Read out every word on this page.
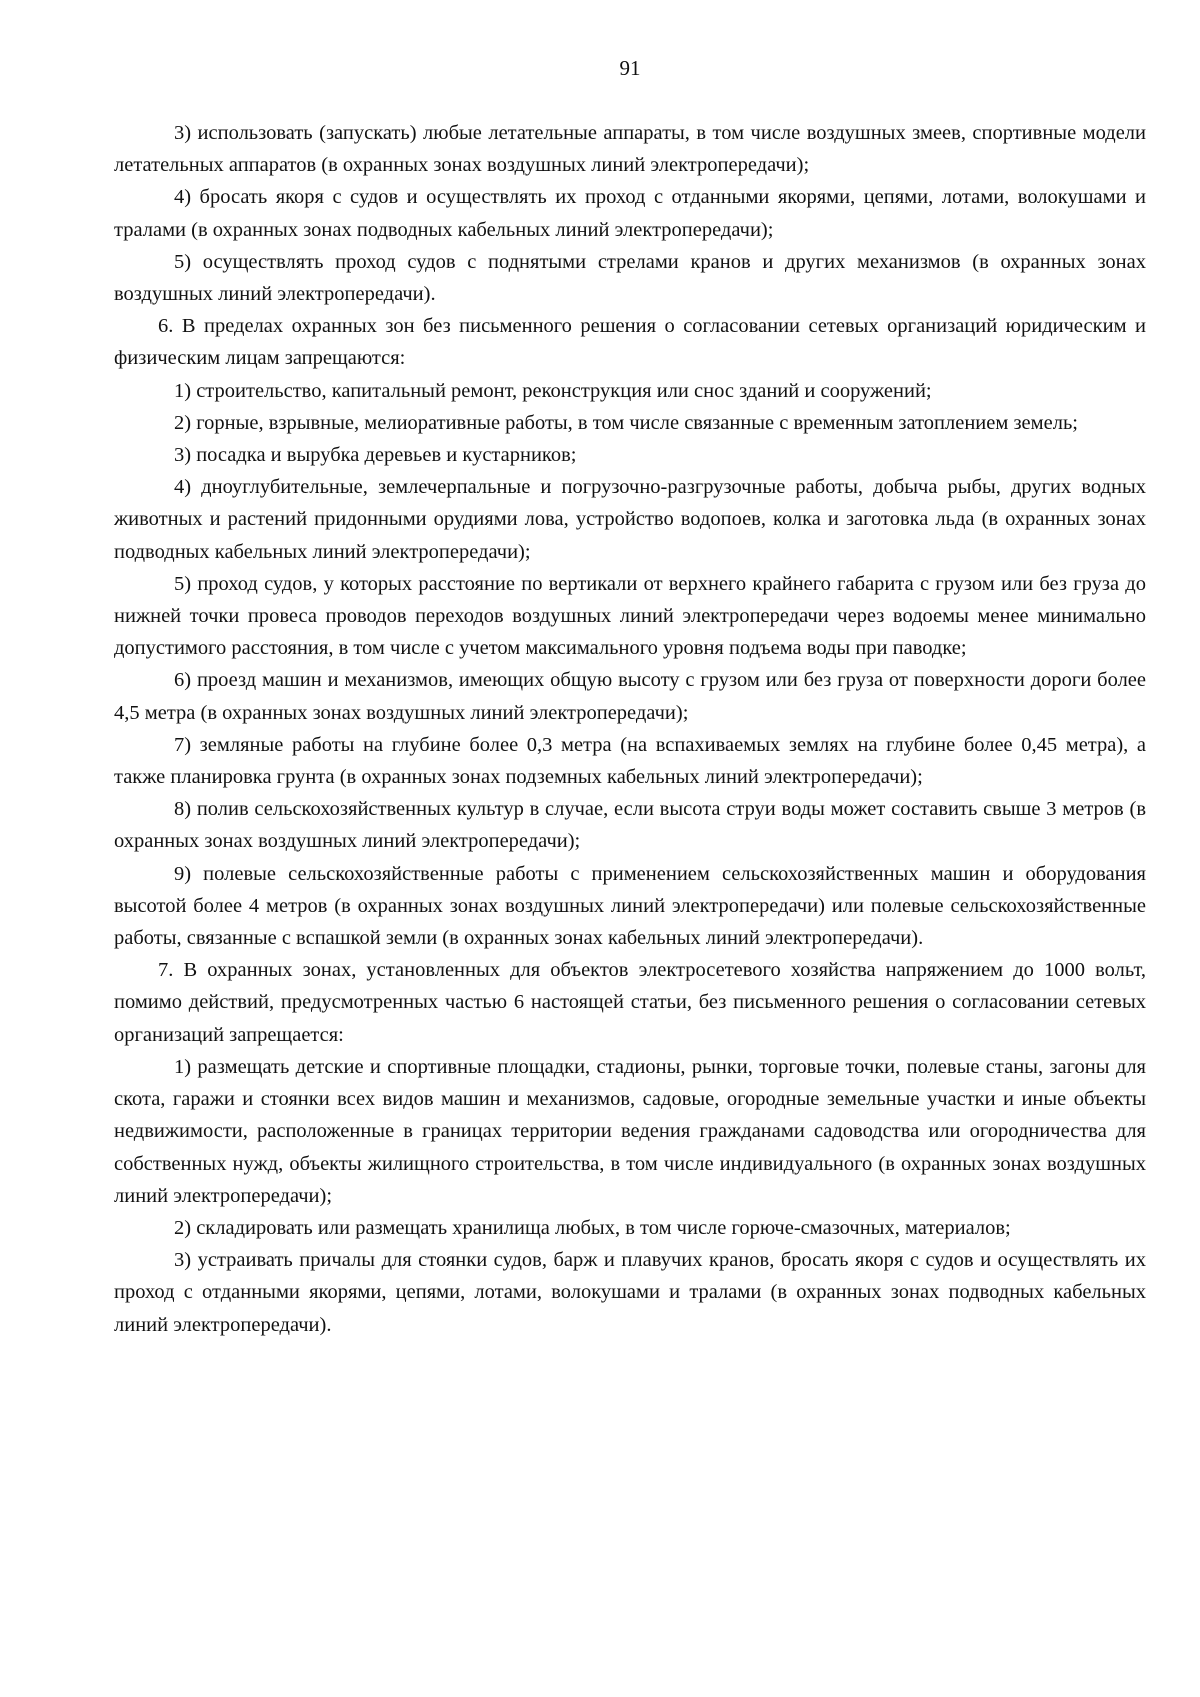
91

3) использовать (запускать) любые летательные аппараты, в том числе воздушных змеев, спортивные модели летательных аппаратов (в охранных зонах воздушных линий электропередачи);

4) бросать якоря с судов и осуществлять их проход с отданными якорями, цепями, лотами, волокушами и тралами (в охранных зонах подводных кабельных линий электропередачи);

5) осуществлять проход судов с поднятыми стрелами кранов и других механизмов (в охранных зонах воздушных линий электропередачи).

6. В пределах охранных зон без письменного решения о согласовании сетевых организаций юридическим и физическим лицам запрещаются:

1) строительство, капитальный ремонт, реконструкция или снос зданий и сооружений;

2) горные, взрывные, мелиоративные работы, в том числе связанные с временным затоплением земель;

3) посадка и вырубка деревьев и кустарников;

4) дноуглубительные, землечерпальные и погрузочно-разгрузочные работы, добыча рыбы, других водных животных и растений придонными орудиями лова, устройство водопоев, колка и заготовка льда (в охранных зонах подводных кабельных линий электропередачи);

5) проход судов, у которых расстояние по вертикали от верхнего крайнего габарита с грузом или без груза до нижней точки провеса проводов переходов воздушных линий электропередачи через водоемы менее минимально допустимого расстояния, в том числе с учетом максимального уровня подъема воды при паводке;

6) проезд машин и механизмов, имеющих общую высоту с грузом или без груза от поверхности дороги более 4,5 метра (в охранных зонах воздушных линий электропередачи);

7) земляные работы на глубине более 0,3 метра (на вспахиваемых землях на глубине более 0,45 метра), а также планировка грунта (в охранных зонах подземных кабельных линий электропередачи);

8) полив сельскохозяйственных культур в случае, если высота струи воды может составить свыше 3 метров (в охранных зонах воздушных линий электропередачи);

9) полевые сельскохозяйственные работы с применением сельскохозяйственных машин и оборудования высотой более 4 метров (в охранных зонах воздушных линий электропередачи) или полевые сельскохозяйственные работы, связанные с вспашкой земли (в охранных зонах кабельных линий электропередачи).

7. В охранных зонах, установленных для объектов электросетевого хозяйства напряжением до 1000 вольт, помимо действий, предусмотренных частью 6 настоящей статьи, без письменного решения о согласовании сетевых организаций запрещается:

1) размещать детские и спортивные площадки, стадионы, рынки, торговые точки, полевые станы, загоны для скота, гаражи и стоянки всех видов машин и механизмов, садовые, огородные земельные участки и иные объекты недвижимости, расположенные в границах территории ведения гражданами садоводства или огородничества для собственных нужд, объекты жилищного строительства, в том числе индивидуального (в охранных зонах воздушных линий электропередачи);

2) складировать или размещать хранилища любых, в том числе горюче-смазочных, материалов;

3) устраивать причалы для стоянки судов, барж и плавучих кранов, бросать якоря с судов и осуществлять их проход с отданными якорями, цепями, лотами, волокушами и тралами (в охранных зонах подводных кабельных линий электропередачи).
